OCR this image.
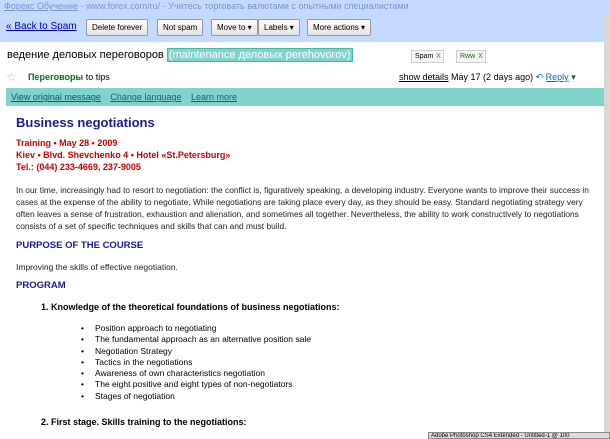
Форекс Обучение - www.forex.com/ru/ - Учитесь торговать валютами с опытными специалистами
« Back to Spam	Delete forever	Not spam	Move to ▾	Labels ▾	More actions ▾
ведение деловых переговоров (maintenance деловых perehovorov)	Spam X	Rww X
☆ Переговоры to tips	show details May 17 (2 days ago) ↶ Reply ▾
View original message Change language Learn more
Business negotiations
Training • May 28 • 2009
Kiev • Blvd. Shevchenko 4 • Hotel «St.Petersburg»
Tel.: (044) 233-4669, 237-9005
In our time, increasingly had to resort to negotiation: the conflict is, figuratively speaking, a developing industry. Everyone wants to improve their success in cases at the expense of the ability to negotiate. While negotiations are taking place every day, as they should be easy. Standard negotiating strategy very often leaves a sense of frustration, exhaustion and alienation, and sometimes all together. Nevertheless, the ability to work constructively to negotiations consists of a set of specific techniques and skills that can and must build.
PURPOSE OF THE COURSE
Improving the skills of effective negotiation.
PROGRAM
1. Knowledge of the theoretical foundations of business negotiations:
• Position approach to negotiating
• The fundamental approach as an alternative position sale
• Negotiation Strategy
• Tactics in the negotiations
• Awareness of own characteristics negotiation
• The eight positive and eight types of non-negotiators
• Stages of negotiation
2. First stage. Skills training to the negotiations:
Adobe Photoshop CS4 Extended - Untitled-1 @ 100
